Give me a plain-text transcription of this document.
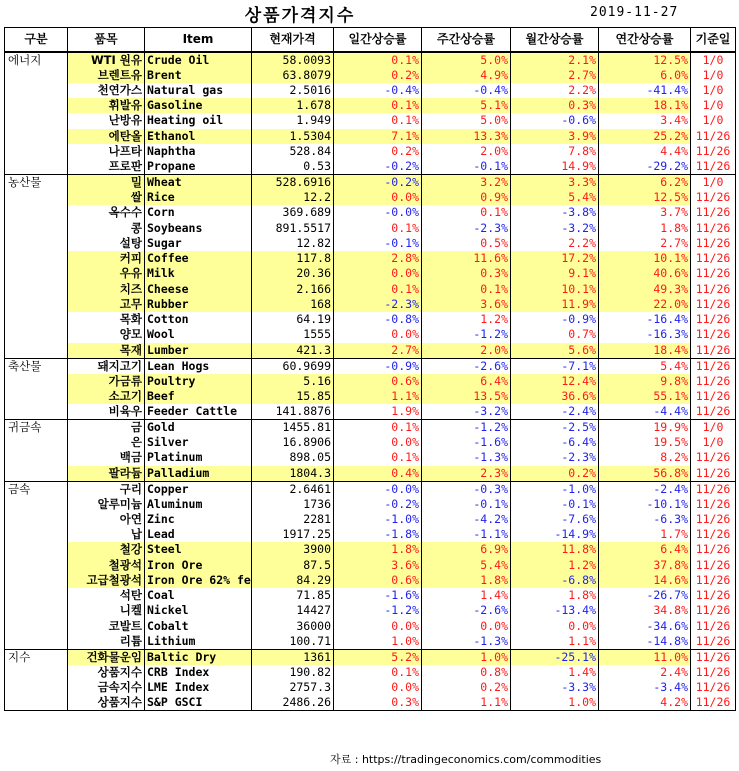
상품가격지수	2019-11-27
구분	품목	Item	현재가격	일간상승률	주간상승률	월간상승률	연간상승률	기준일
에너지	WTI 원유	Crude Oil	58.0093	0.1%	5.0%	2.1%	12.5%	1/0
	브렌트유	Brent	63.8079	0.2%	4.9%	2.7%	6.0%	1/0
	천연가스	Natural gas	2.5016	-0.4%	-0.4%	2.2%	-41.4%	1/0
	휘발유	Gasoline	1.678	0.1%	5.1%	0.3%	18.1%	1/0
	난방유	Heating oil	1.949	0.1%	5.0%	-0.6%	3.4%	1/0
	에탄올	Ethanol	1.5304	7.1%	13.3%	3.9%	25.2%	11/26
	나프타	Naphtha	528.84	0.2%	2.0%	7.8%	4.4%	11/26
	프로판	Propane	0.53	-0.2%	-0.1%	14.9%	-29.2%	11/26
농산물	밀	Wheat	528.6916	-0.2%	3.2%	3.3%	6.2%	1/0
	쌀	Rice	12.2	0.0%	0.9%	5.4%	12.5%	11/26
	옥수수	Corn	369.689	-0.0%	0.1%	-3.8%	3.7%	11/26
	콩	Soybeans	891.5517	0.1%	-2.3%	-3.2%	1.8%	11/26
	설탕	Sugar	12.82	-0.1%	0.5%	2.2%	2.7%	11/26
	커피	Coffee	117.8	2.8%	11.6%	17.2%	10.1%	11/26
	우유	Milk	20.36	0.0%	0.3%	9.1%	40.6%	11/26
	치즈	Cheese	2.166	0.1%	0.1%	10.1%	49.3%	11/26
	고무	Rubber	168	-2.3%	3.6%	11.9%	22.0%	11/26
	목화	Cotton	64.19	-0.8%	1.2%	-0.9%	-16.4%	11/26
	양모	Wool	1555	0.0%	-1.2%	0.7%	-16.3%	11/26
	목재	Lumber	421.3	2.7%	2.0%	5.6%	18.4%	11/26
축산물	돼지고기	Lean Hogs	60.9699	-0.9%	-2.6%	-7.1%	5.4%	11/26
	가금류	Poultry	5.16	0.6%	6.4%	12.4%	9.8%	11/26
	소고기	Beef	15.85	1.1%	13.5%	36.6%	55.1%	11/26
	비육우	Feeder Cattle	141.8876	1.9%	-3.2%	-2.4%	-4.4%	11/26
귀금속	금	Gold	1455.81	0.1%	-1.2%	-2.5%	19.9%	1/0
	은	Silver	16.8906	0.0%	-1.6%	-6.4%	19.5%	1/0
	백금	Platinum	898.05	0.1%	-1.3%	-2.3%	8.2%	11/26
	팔라듐	Palladium	1804.3	0.4%	2.3%	0.2%	56.8%	11/26
금속	구리	Copper	2.6461	-0.0%	-0.3%	-1.0%	-2.4%	11/26
	알루미늄	Aluminum	1736	-0.2%	-0.1%	-0.1%	-10.1%	11/26
	아연	Zinc	2281	-1.0%	-4.2%	-7.6%	-6.3%	11/26
	납	Lead	1917.25	-1.8%	-1.1%	-14.9%	1.7%	11/26
	철강	Steel	3900	1.8%	6.9%	11.8%	6.4%	11/26
	철광석	Iron Ore	87.5	3.6%	5.4%	1.2%	37.8%	11/26
	고급철광석	Iron Ore 62% fe	84.29	0.6%	1.8%	-6.8%	14.6%	11/26
	석탄	Coal	71.85	-1.6%	1.4%	1.8%	-26.7%	11/26
	니켈	Nickel	14427	-1.2%	-2.6%	-13.4%	34.8%	11/26
	코발트	Cobalt	36000	0.0%	0.0%	0.0%	-34.6%	11/26
	리튬	Lithium	100.71	1.0%	-1.3%	1.1%	-14.8%	11/26
지수	건화물운임	Baltic Dry	1361	5.2%	1.0%	-25.1%	11.0%	11/26
	상품지수	CRB Index	190.82	0.1%	0.8%	1.4%	2.4%	11/26
	금속지수	LME Index	2757.3	0.0%	0.2%	-3.3%	-3.4%	11/26
	상품지수	S&P GSCI	2486.26	0.3%	1.1%	1.0%	4.2%	11/26
자료 : https://tradingeconomics.com/commodities
